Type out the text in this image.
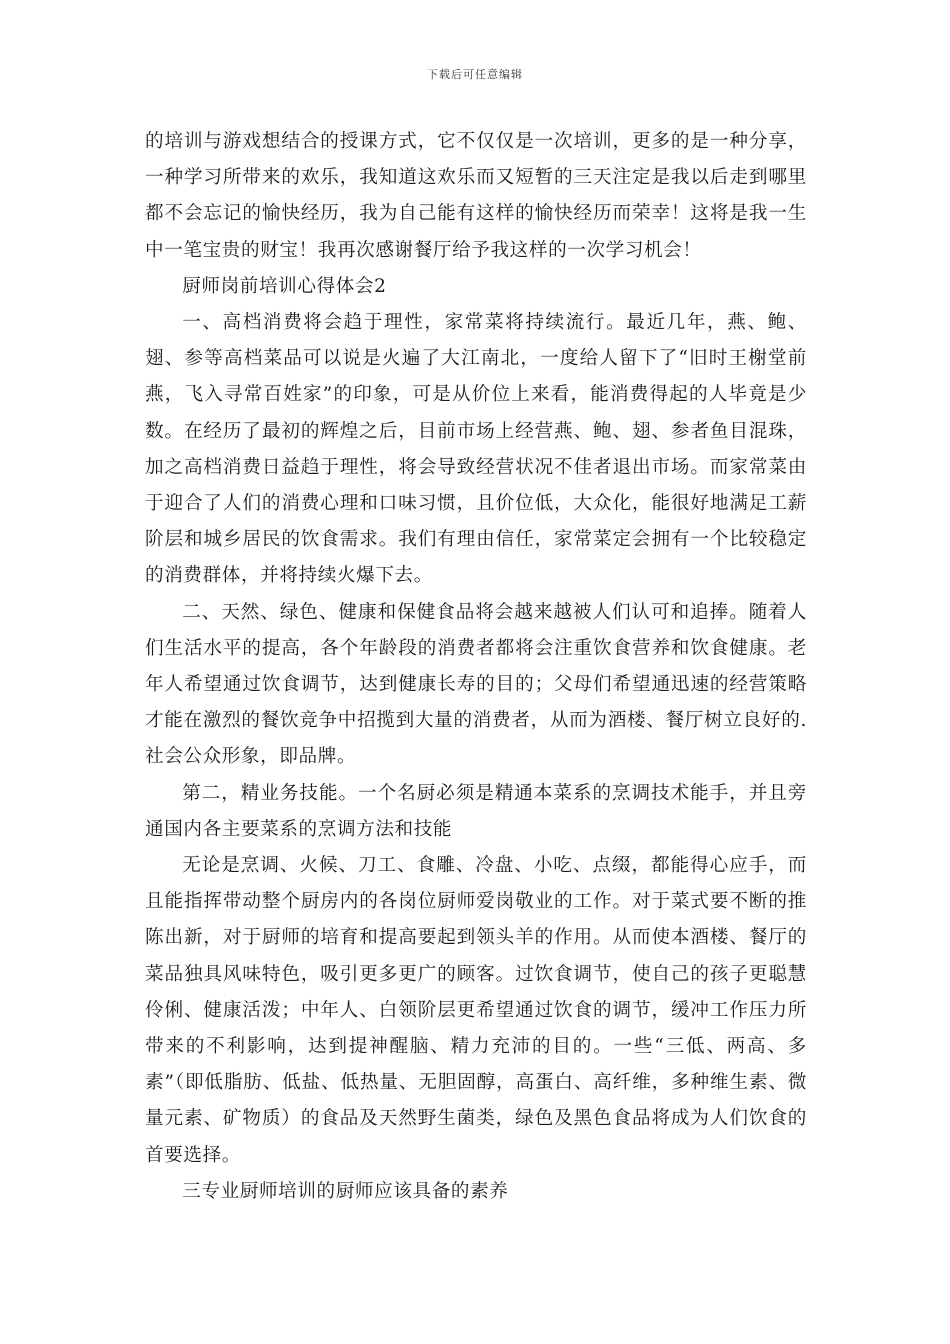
下载后可任意编辑

的培训与游戏想结合的授课方式，它不仅仅是一次培训，更多的是一种分享，一种学习所带来的欢乐，我知道这欢乐而又短暂的三天注定是我以后走到哪里都不会忘记的愉快经历，我为自己能有这样的愉快经历而荣幸！这将是我一生中一笔宝贵的财宝！我再次感谢餐厅给予我这样的一次学习机会！

厨师岗前培训心得体会2

一、高档消费将会趋于理性，家常菜将持续流行。最近几年，燕、鲍、翅、参等高档菜品可以说是火遍了大江南北，一度给人留下了“旧时王榭堂前燕，飞入寻常百姓家”的印象，可是从价位上来看，能消费得起的人毕竟是少数。在经历了最初的辉煌之后，目前市场上经营燕、鲍、翅、参者鱼目混珠，加之高档消费日益趋于理性，将会导致经营状况不佳者退出市场。而家常菜由于迎合了人们的消费心理和口味习惯，且价位低，大众化，能很好地满足工薪阶层和城乡居民的饮食需求。我们有理由信任，家常菜定会拥有一个比较稳定的消费群体，并将持续火爆下去。

二、天然、绿色、健康和保健食品将会越来越被人们认可和追捧。随着人们生活水平的提高，各个年龄段的消费者都将会注重饮食营养和饮食健康。老年人希望通过饮食调节，达到健康长寿的目的；父母们希望通迅速的经营策略才能在激烈的餐饮竞争中招揽到大量的消费者，从而为酒楼、餐厅树立良好的.社会公众形象，即品牌。

第二，精业务技能。一个名厨必须是精通本菜系的烹调技术能手，并且旁通国内各主要菜系的烹调方法和技能

无论是烹调、火候、刀工、食雕、冷盘、小吃、点缀，都能得心应手，而且能指挥带动整个厨房内的各岗位厨师爱岗敬业的工作。对于菜式要不断的推陈出新，对于厨师的培育和提高要起到领头羊的作用。从而使本酒楼、餐厅的菜品独具风味特色，吸引更多更广的顾客。过饮食调节，使自己的孩子更聪慧伶俐、健康活泼；中年人、白领阶层更希望通过饮食的调节，缓冲工作压力所带来的不利影响，达到提神醒脑、精力充沛的目的。一些“三低、两高、多素”（即低脂肪、低盐、低热量、无胆固醇，高蛋白、高纤维，多种维生素、微量元素、矿物质）的食品及天然野生菌类，绿色及黑色食品将成为人们饮食的首要选择。

三专业厨师培训的厨师应该具备的素养
